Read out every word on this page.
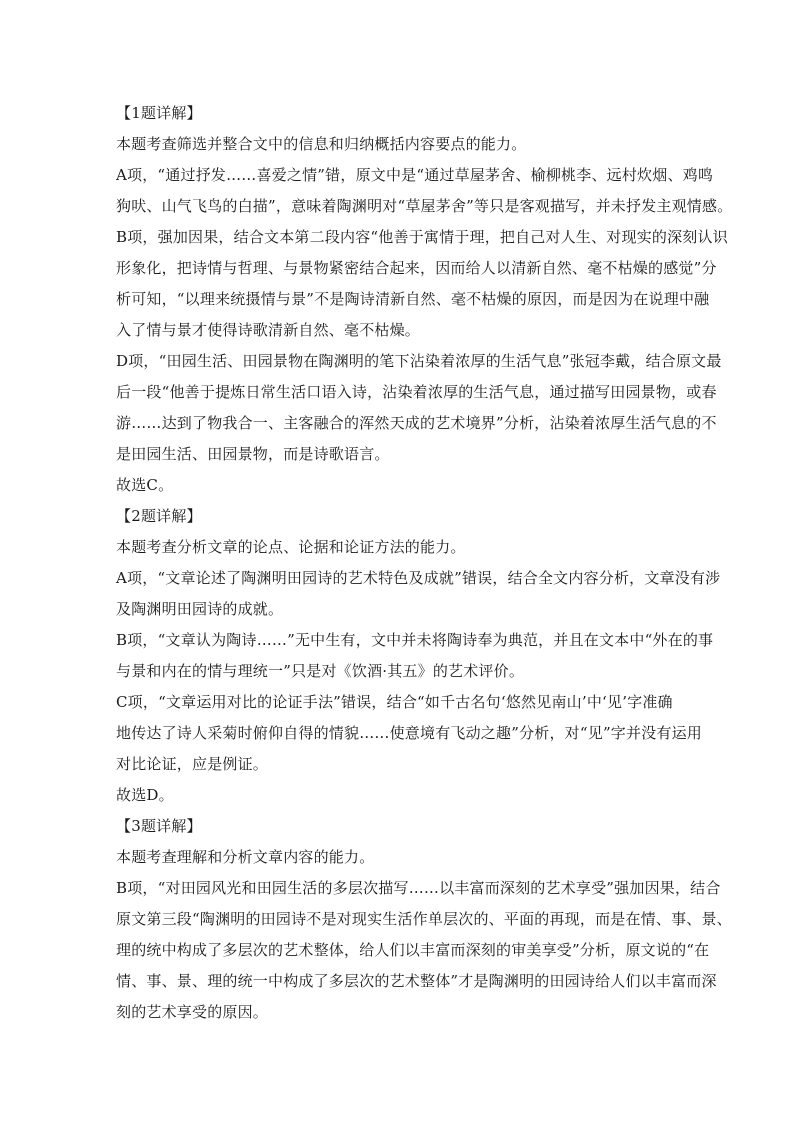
【1题详解】
本题考查筛选并整合文中的信息和归纳概括内容要点的能力。
A项，“通过抒发……喜爱之情”错，原文中是“通过草屋茅舍、榆柳桃李、远村炊烟、鸡鸣
狗吠、山气飞鸟的白描”，意味着陶渊明对“草屋茅舍”等只是客观描写，并未抒发主观情感。
B项，强加因果，结合文本第二段内容“他善于寓情于理，把自己对人生、对现实的深刻认识
形象化，把诗情与哲理、与景物紧密结合起来，因而给人以清新自然、毫不枯燥的感觉”分
析可知，“以理来统摄情与景”不是陶诗清新自然、毫不枯燥的原因，而是因为在说理中融
入了情与景才使得诗歌清新自然、毫不枯燥。
D项，“田园生活、田园景物在陶渊明的笔下沾染着浓厚的生活气息”张冠李戴，结合原文最
后一段“他善于提炼日常生活口语入诗，沾染着浓厚的生活气息，通过描写田园景物，或春
游……达到了物我合一、主客融合的浑然天成的艺术境界”分析，沾染着浓厚生活气息的不
是田园生活、田园景物，而是诗歌语言。
故选C。
【2题详解】
本题考查分析文章的论点、论据和论证方法的能力。
A项，“文章论述了陶渊明田园诗的艺术特色及成就”错误，结合全文内容分析，文章没有涉
及陶渊明田园诗的成就。
B项，“文章认为陶诗……”无中生有，文中并未将陶诗奉为典范，并且在文本中“外在的事
与景和内在的情与理统一”只是对《饮酒·其五》的艺术评价。
C项，“文章运用对比的论证手法”错误，结合“如千古名句‘悠然见南山’中‘见’字准确
地传达了诗人采菊时俯仰自得的情貌……使意境有飞动之趣”分析，对“见”字并没有运用
对比论证，应是例证。
故选D。
【3题详解】
本题考查理解和分析文章内容的能力。
B项，“对田园风光和田园生活的多层次描写……以丰富而深刻的艺术享受”强加因果，结合
原文第三段“陶渊明的田园诗不是对现实生活作单层次的、平面的再现，而是在情、事、景、
理的统中构成了多层次的艺术整体，给人们以丰富而深刻的审美享受”分析，原文说的“在
情、事、景、理的统一中构成了多层次的艺术整体”才是陶渊明的田园诗给人们以丰富而深
刻的艺术享受的原因。
